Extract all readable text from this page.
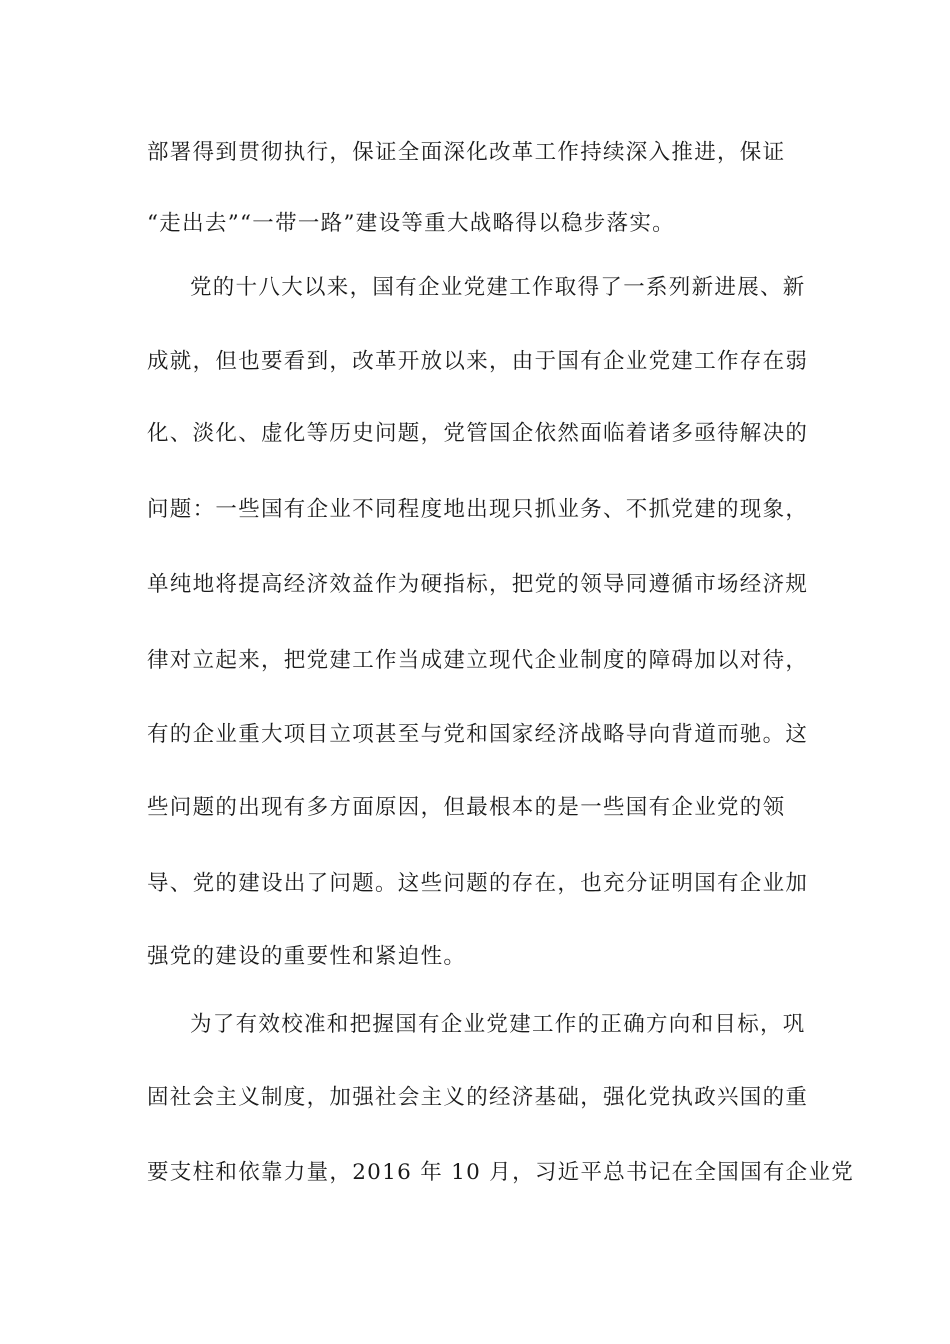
部署得到贯彻执行，保证全面深化改革工作持续深入推进，保证
“走出去”“一带一路”建设等重大战略得以稳步落实。
党的十八大以来，国有企业党建工作取得了一系列新进展、新
成就，但也要看到，改革开放以来，由于国有企业党建工作存在弱
化、淡化、虚化等历史问题，党管国企依然面临着诸多亟待解决的
问题：一些国有企业不同程度地出现只抓业务、不抓党建的现象，
单纯地将提高经济效益作为硬指标，把党的领导同遵循市场经济规
律对立起来，把党建工作当成建立现代企业制度的障碍加以对待，
有的企业重大项目立项甚至与党和国家经济战略导向背道而驰。这
些问题的出现有多方面原因，但最根本的是一些国有企业党的领
导、党的建设出了问题。这些问题的存在，也充分证明国有企业加
强党的建设的重要性和紧迫性。
为了有效校准和把握国有企业党建工作的正确方向和目标，巩
固社会主义制度，加强社会主义的经济基础，强化党执政兴国的重
要支柱和依靠力量，2016 年 10 月，习近平总书记在全国国有企业党
